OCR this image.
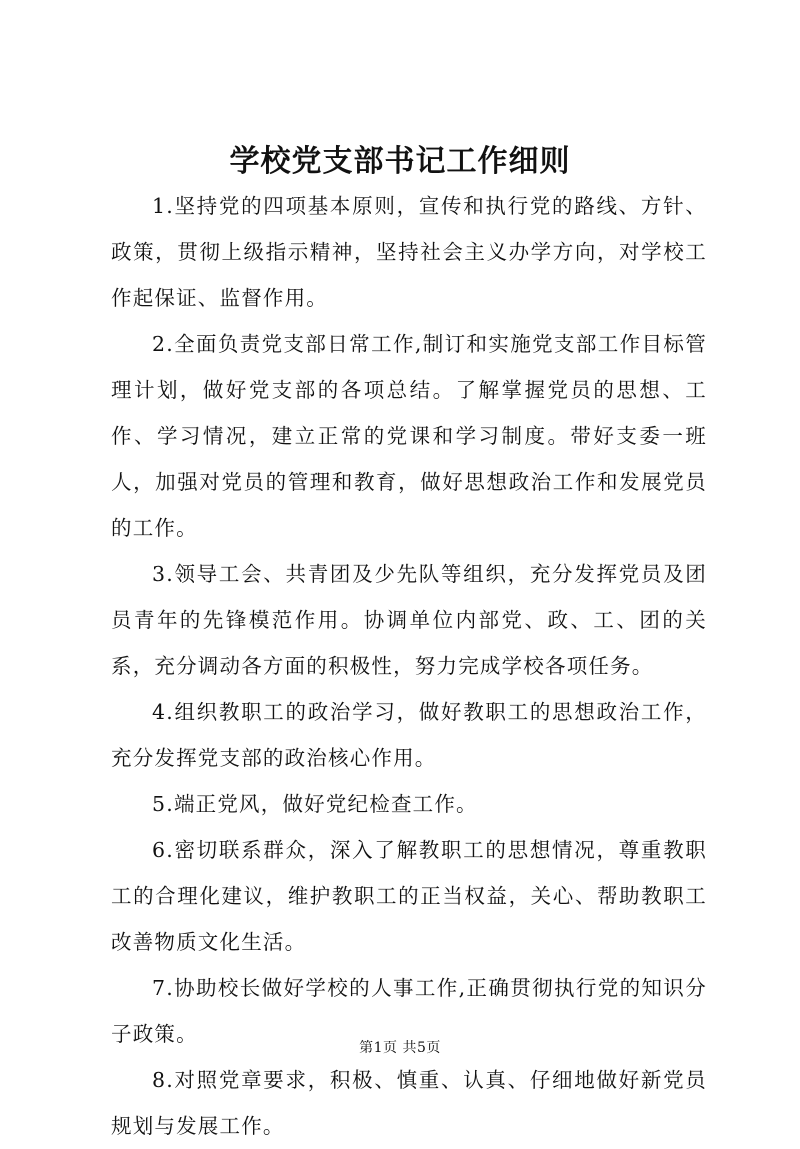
学校党支部书记工作细则

1.坚持党的四项基本原则，宣传和执行党的路线、方针、政策，贯彻上级指示精神，坚持社会主义办学方向，对学校工作起保证、监督作用。

2.全面负责党支部日常工作,制订和实施党支部工作目标管理计划，做好党支部的各项总结。了解掌握党员的思想、工作、学习情况，建立正常的党课和学习制度。带好支委一班人，加强对党员的管理和教育，做好思想政治工作和发展党员的工作。

3.领导工会、共青团及少先队等组织，充分发挥党员及团员青年的先锋模范作用。协调单位内部党、政、工、团的关系，充分调动各方面的积极性，努力完成学校各项任务。

4.组织教职工的政治学习，做好教职工的思想政治工作，充分发挥党支部的政治核心作用。

5.端正党风，做好党纪检查工作。

6.密切联系群众，深入了解教职工的思想情况，尊重教职工的合理化建议，维护教职工的正当权益，关心、帮助教职工改善物质文化生活。

7.协助校长做好学校的人事工作,正确贯彻执行党的知识分子政策。

8.对照党章要求，积极、慎重、认真、仔细地做好新党员规划与发展工作。

第1页 共5页
